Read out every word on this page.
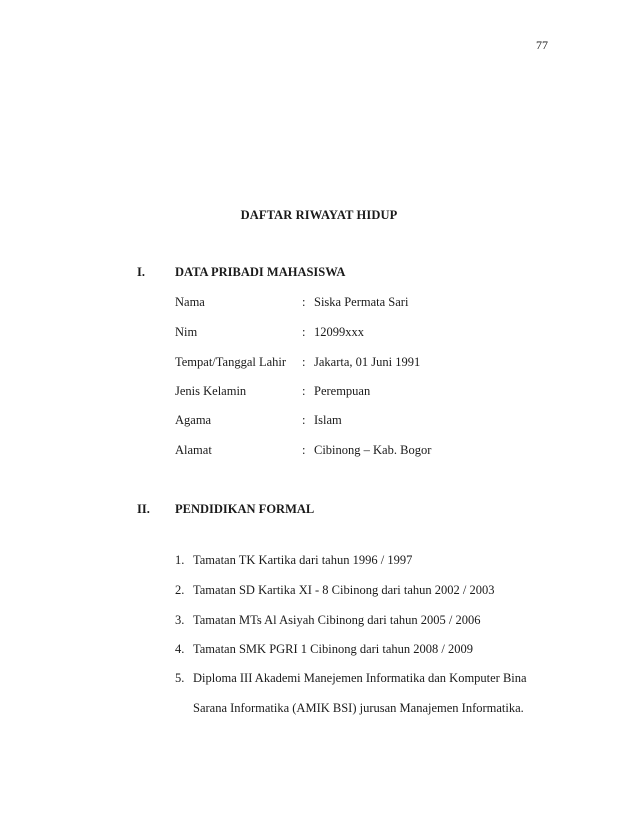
77
DAFTAR RIWAYAT HIDUP
I. DATA PRIBADI MAHASISWA
Nama	: Siska Permata Sari
Nim	: 12099xxx
Tempat/Tanggal Lahir : Jakarta, 01 Juni 1991
Jenis Kelamin	: Perempuan
Agama	: Islam
Alamat	: Cibinong – Kab. Bogor
II. PENDIDIKAN FORMAL
1. Tamatan TK Kartika dari tahun 1996 / 1997
2. Tamatan SD Kartika XI - 8 Cibinong dari tahun 2002 / 2003
3. Tamatan MTs Al Asiyah Cibinong dari tahun 2005 / 2006
4. Tamatan SMK PGRI 1 Cibinong dari tahun 2008 / 2009
5. Diploma III Akademi Manejemen Informatika dan Komputer Bina
Sarana Informatika (AMIK BSI) jurusan Manajemen Informatika.
